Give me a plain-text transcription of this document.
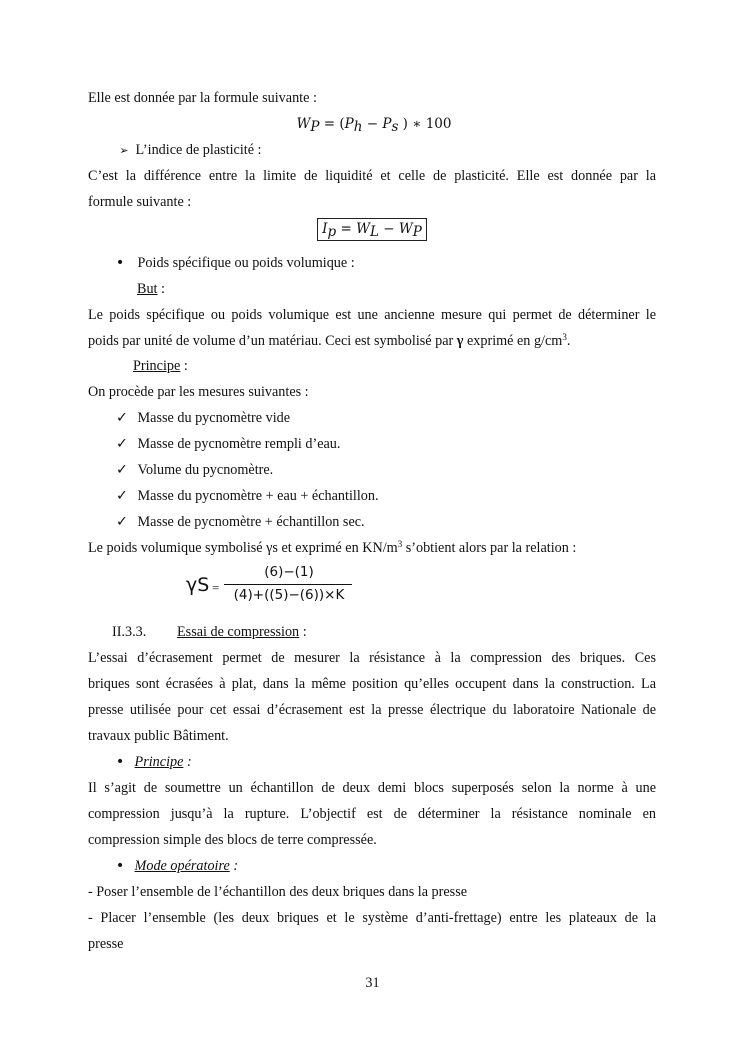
Elle est donnée par la formule suivante :
$W_P = (P_h - P_s$ ) ∗ 100
➢ L’indice de plasticité :
C’est la différence entre la limite de liquidité et celle de plasticité. Elle est donnée par la
formule suivante :
$I_p = W_L - W_P$
• Poids spécifique ou poids volumique :
But :
Le poids spécifique ou poids volumique est une ancienne mesure qui permet de déterminer le
poids par unité de volume d’un matériau. Ceci est symbolisé par γ exprimé en $g/cm^3$.
Principe :
On procède par les mesures suivantes :
✓ Masse du pycnomètre vide
✓ Masse de pycnomètre rempli d’eau.
✓ Volume du pycnomètre.
✓ Masse du pycnomètre + eau + échantillon.
✓ Masse de pycnomètre + échantillon sec.
Le poids volumique symbolisé γs et exprimé en $KN/m^3$ s’obtient alors par la relation :
γS =
(6)−(1)
(4)+((5)−(6))×K
II.3.3.	Essai de compression :
L’essai d’écrasement permet de mesurer la résistance à la compression des briques. Ces
briques sont écrasées à plat, dans la même position qu’elles occupent dans la construction. La
presse utilisée pour cet essai d’écrasement est la presse électrique du laboratoire Nationale de
travaux public Bâtiment.
• Principe :
Il s’agit de soumettre un échantillon de deux demi blocs superposés selon la norme à une
compression jusqu’à la rupture. L’objectif est de déterminer la résistance nominale en
compression simple des blocs de terre compressée.
• Mode opératoire :
- Poser l’ensemble de l’échantillon des deux briques dans la presse
- Placer l’ensemble (les deux briques et le système d’anti-frettage) entre les plateaux de la
presse
31
